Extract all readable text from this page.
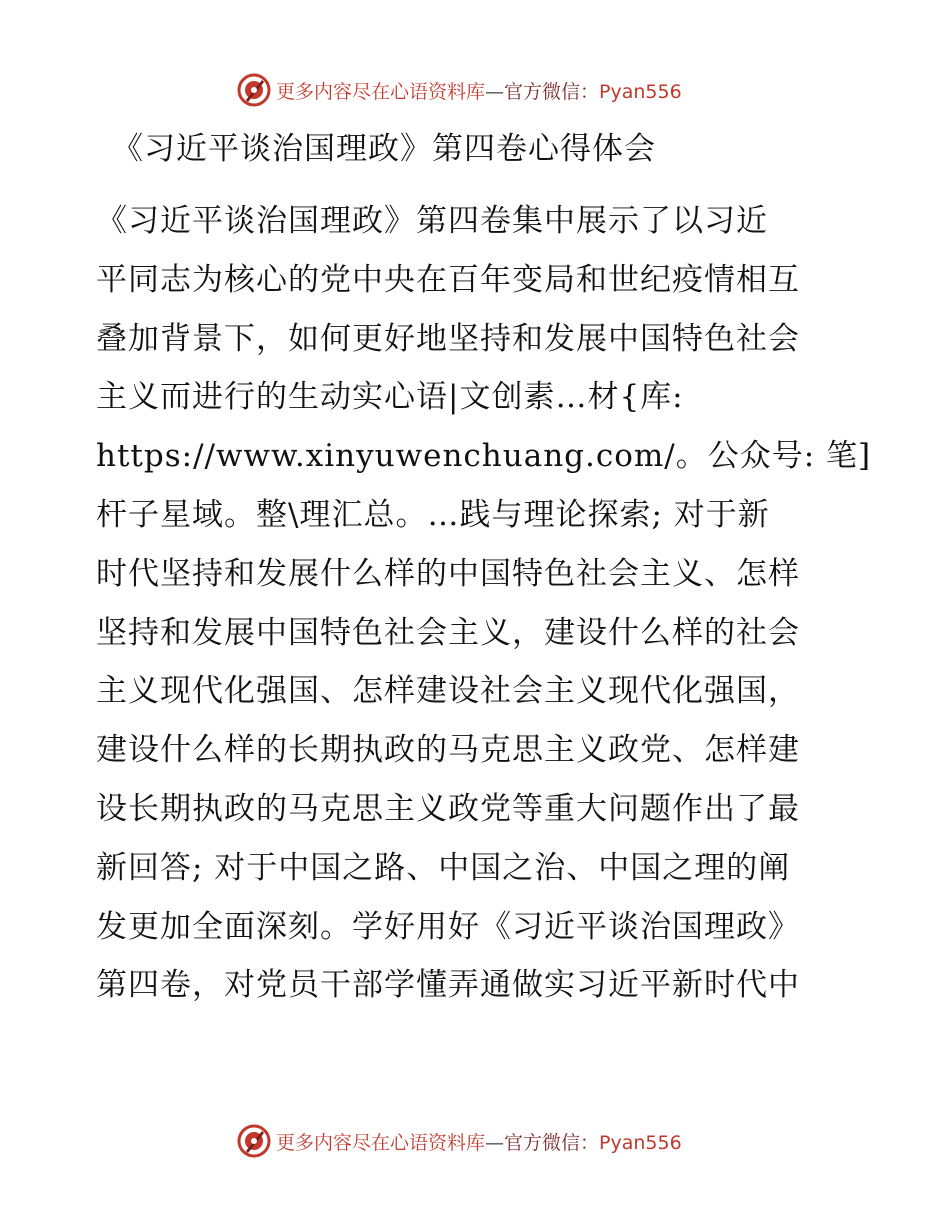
更多内容尽在心语资料库—官方微信：Pyan556
《习近平谈治国理政》第四卷心得体会
《习近平谈治国理政》第四卷集中展示了以习近
平同志为核心的党中央在百年变局和世纪疫情相互
叠加背景下，如何更好地坚持和发展中国特色社会
主义而进行的生动实心语|文创素…材{库:
https://www.xinyuwenchuang.com/。公众号: 笔]
杆子星域。整\理汇总。…践与理论探索; 对于新
时代坚持和发展什么样的中国特色社会主义、怎样
坚持和发展中国特色社会主义，建设什么样的社会
主义现代化强国、怎样建设社会主义现代化强国，
建设什么样的长期执政的马克思主义政党、怎样建
设长期执政的马克思主义政党等重大问题作出了最
新回答; 对于中国之路、中国之治、中国之理的阐
发更加全面深刻。学好用好《习近平谈治国理政》
第四卷，对党员干部学懂弄通做实习近平新时代中
更多内容尽在心语资料库—官方微信：Pyan556
